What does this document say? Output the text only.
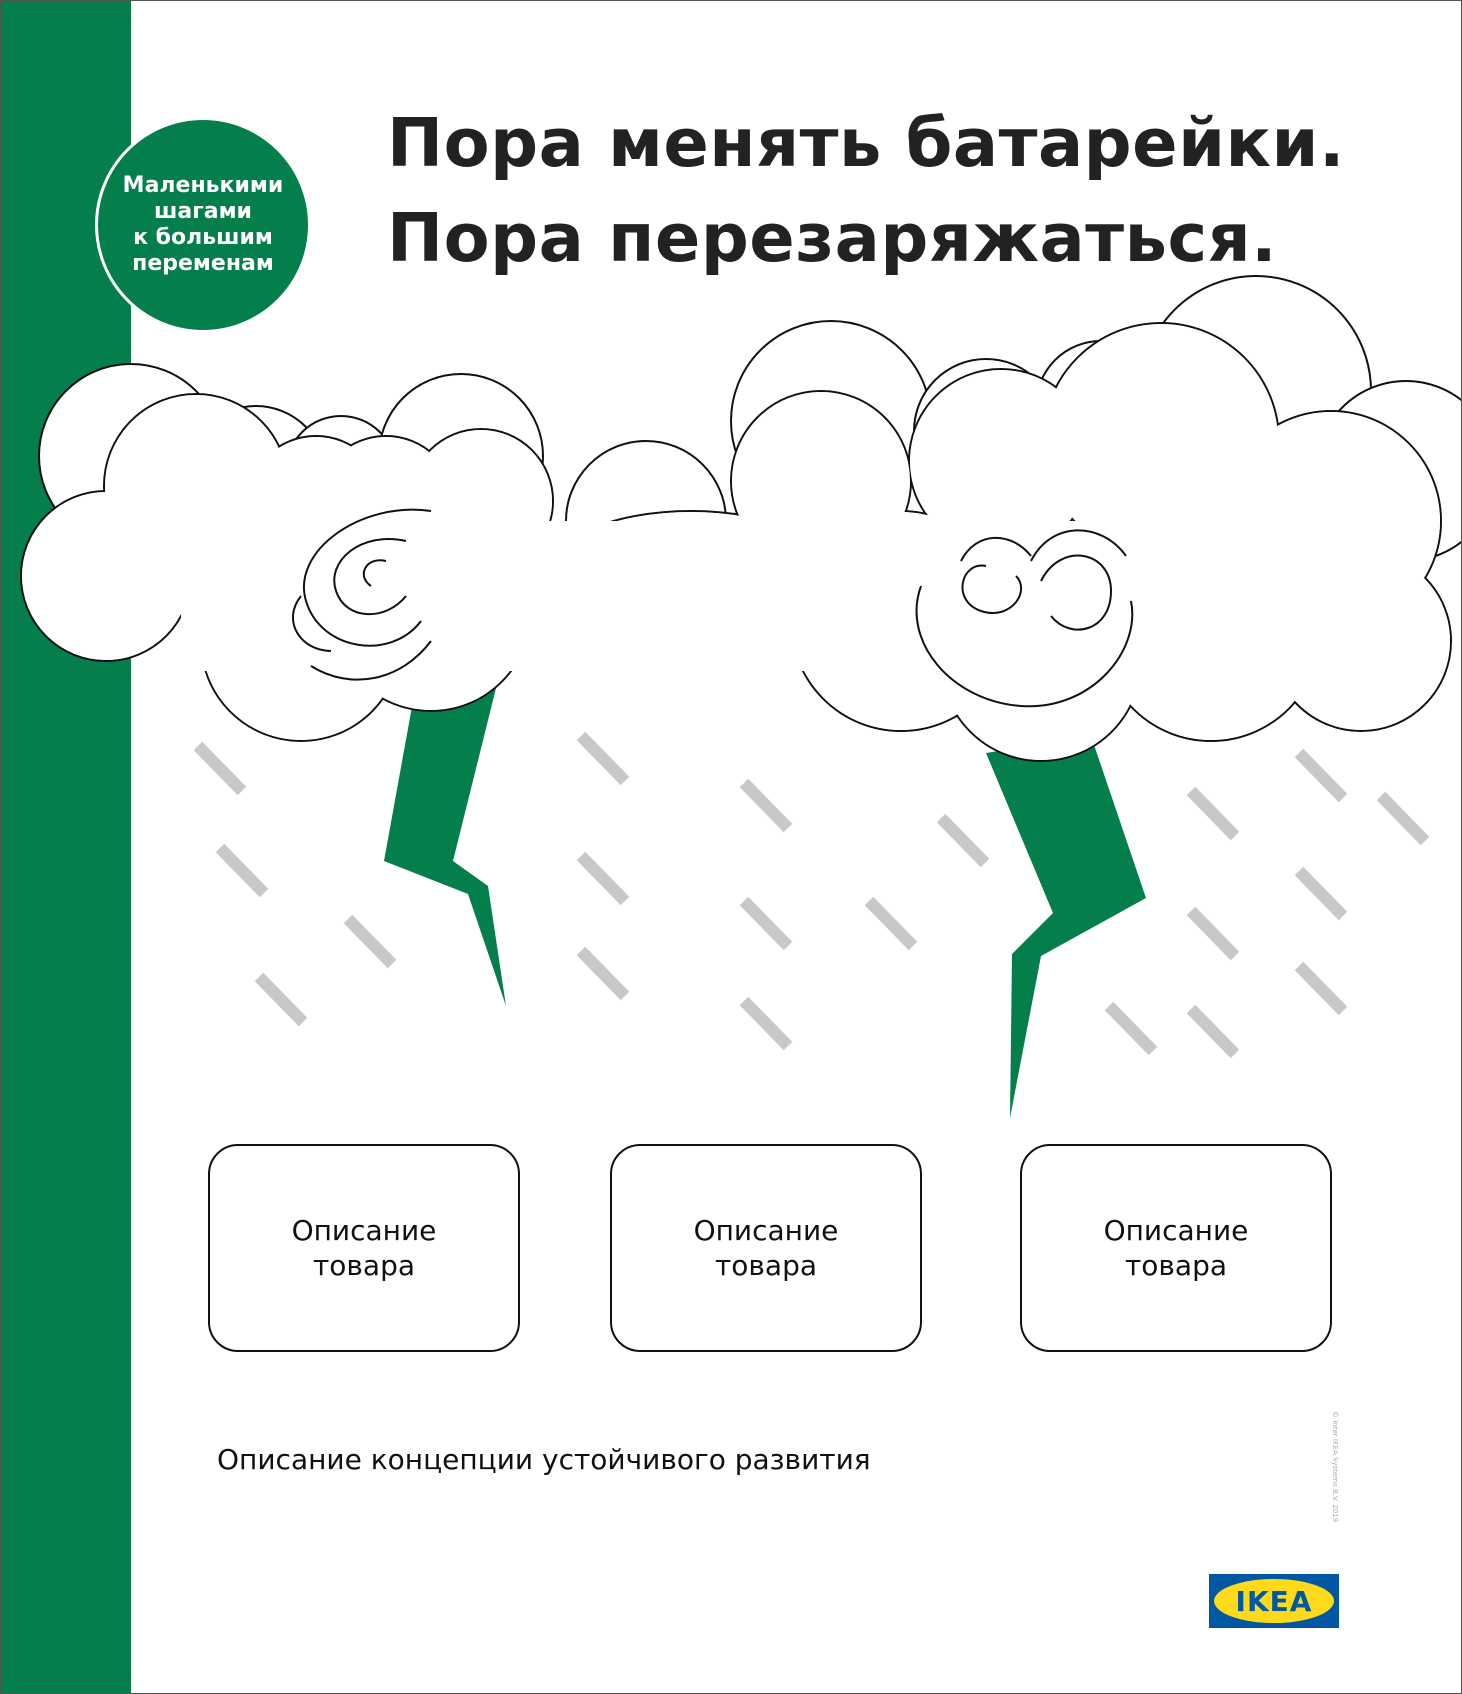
Маленькими
шагами
к большим
переменам
Пора менять батарейки.
Пора перезаряжаться.
Описание
товара
Описание
товара
Описание
товара
Описание концепции устойчивого развития	© Inter IKEA Systems B.V. 2019
IKEA
